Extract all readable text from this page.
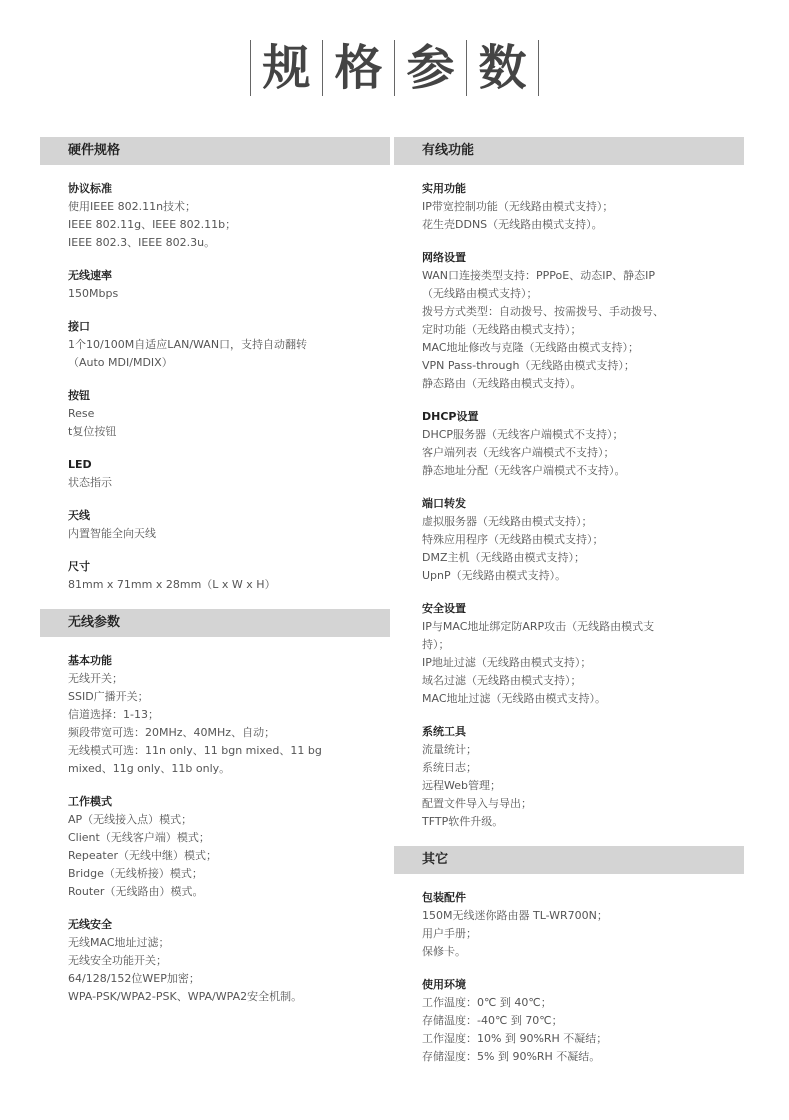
规 格 参 数
硬件规格
协议标准
使用IEEE 802.11n技术；
IEEE 802.11g、IEEE 802.11b；
IEEE 802.3、IEEE 802.3u。
无线速率
150Mbps
接口
1个10/100M自适应LAN/WAN口，支持自动翻转
（Auto MDI/MDIX）
按钮
Rese
t复位按钮
LED
状态指示
天线
内置智能全向天线
尺寸
81mm x 71mm x 28mm（L x W x H）
无线参数
基本功能
无线开关；
SSID广播开关；
信道选择：1-13；
频段带宽可选：20MHz、40MHz、自动；
无线模式可选：11n only、11 bgn mixed、11 bg
mixed、11g only、11b only。
工作模式
AP（无线接入点）模式；
Client（无线客户端）模式；
Repeater（无线中继）模式；
Bridge（无线桥接）模式；
Router（无线路由）模式。
无线安全
无线MAC地址过滤；
无线安全功能开关；
64/128/152位WEP加密；
WPA-PSK/WPA2-PSK、WPA/WPA2安全机制。
有线功能
实用功能
IP带宽控制功能（无线路由模式支持）；
花生壳DDNS（无线路由模式支持）。
网络设置
WAN口连接类型支持：PPPoE、动态IP、静态IP
（无线路由模式支持）；
拨号方式类型：自动拨号、按需拨号、手动拨号、
定时功能（无线路由模式支持）；
MAC地址修改与克隆（无线路由模式支持）；
VPN Pass-through（无线路由模式支持）；
静态路由（无线路由模式支持）。
DHCP设置
DHCP服务器（无线客户端模式不支持）；
客户端列表（无线客户端模式不支持）；
静态地址分配（无线客户端模式不支持）。
端口转发
虚拟服务器（无线路由模式支持）；
特殊应用程序（无线路由模式支持）；
DMZ主机（无线路由模式支持）；
UpnP（无线路由模式支持）。
安全设置
IP与MAC地址绑定防ARP攻击（无线路由模式支
持）；
IP地址过滤（无线路由模式支持）；
域名过滤（无线路由模式支持）；
MAC地址过滤（无线路由模式支持）。
系统工具
流量统计；
系统日志；
远程Web管理；
配置文件导入与导出；
TFTP软件升级。
其它
包装配件
150M无线迷你路由器 TL-WR700N；
用户手册；
保修卡。
使用环境
工作温度：0℃ 到 40℃；
存储温度：-40℃ 到 70℃；
工作湿度：10% 到 90%RH 不凝结；
存储湿度：5% 到 90%RH 不凝结。
